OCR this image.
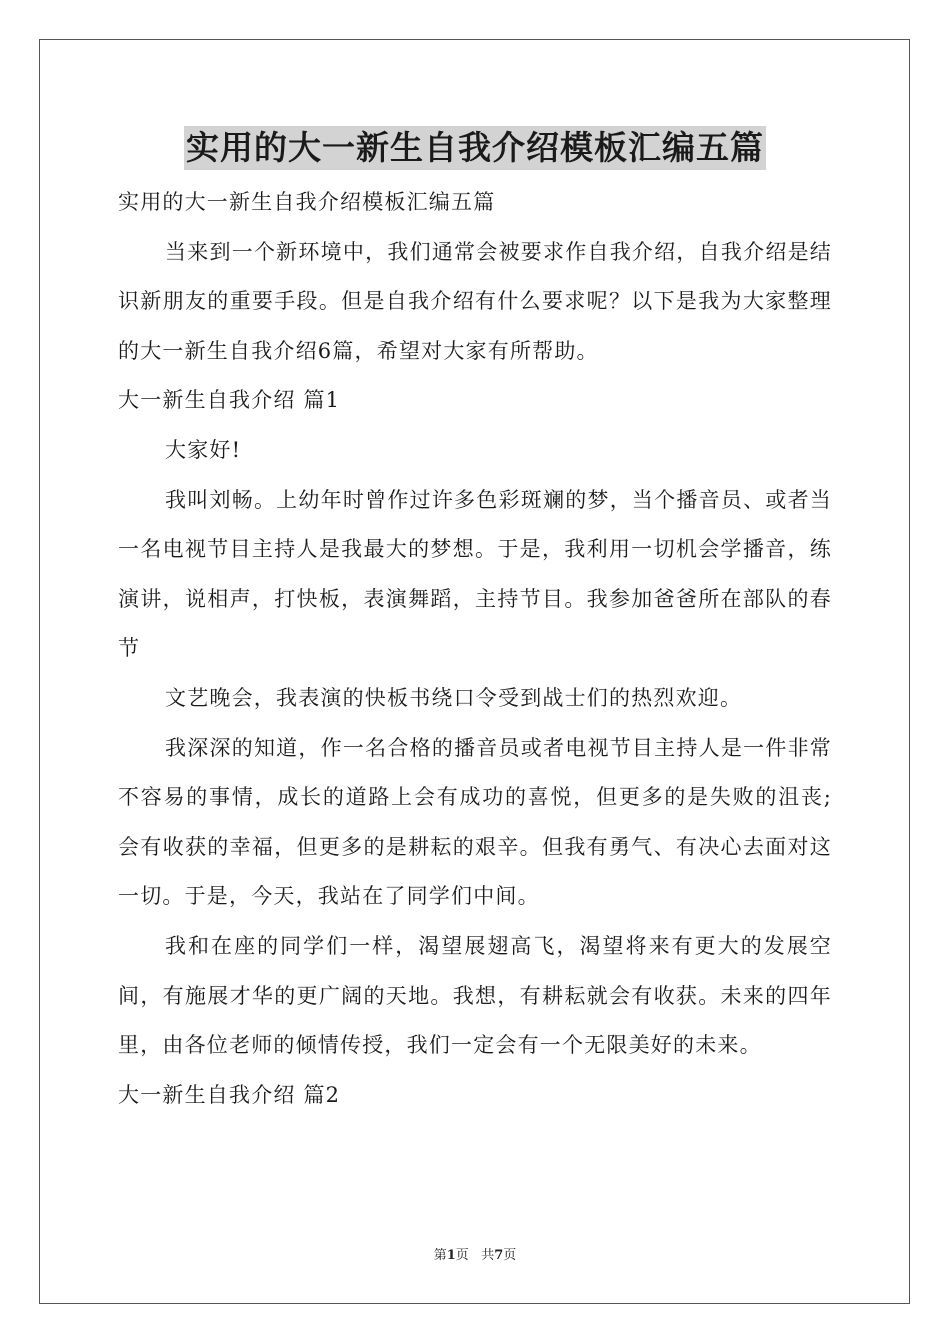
实用的大一新生自我介绍模板汇编五篇

实用的大一新生自我介绍模板汇编五篇

当来到一个新环境中，我们通常会被要求作自我介绍，自我介绍是结识新朋友的重要手段。但是自我介绍有什么要求呢？以下是我为大家整理的大一新生自我介绍6篇，希望对大家有所帮助。

大一新生自我介绍 篇1

大家好!

我叫刘畅。上幼年时曾作过许多色彩斑斓的梦，当个播音员、或者当一名电视节目主持人是我最大的梦想。于是，我利用一切机会学播音，练演讲，说相声，打快板，表演舞蹈，主持节目。我参加爸爸所在部队的春节

文艺晚会，我表演的快板书绕口令受到战士们的热烈欢迎。

我深深的知道，作一名合格的播音员或者电视节目主持人是一件非常不容易的事情，成长的道路上会有成功的喜悦，但更多的是失败的沮丧;会有收获的幸福，但更多的是耕耘的艰辛。但我有勇气、有决心去面对这一切。于是，今天，我站在了同学们中间。

我和在座的同学们一样，渴望展翅高飞，渴望将来有更大的发展空间，有施展才华的更广阔的天地。我想，有耕耘就会有收获。未来的四年里，由各位老师的倾情传授，我们一定会有一个无限美好的未来。

大一新生自我介绍 篇2

第1页 共7页
